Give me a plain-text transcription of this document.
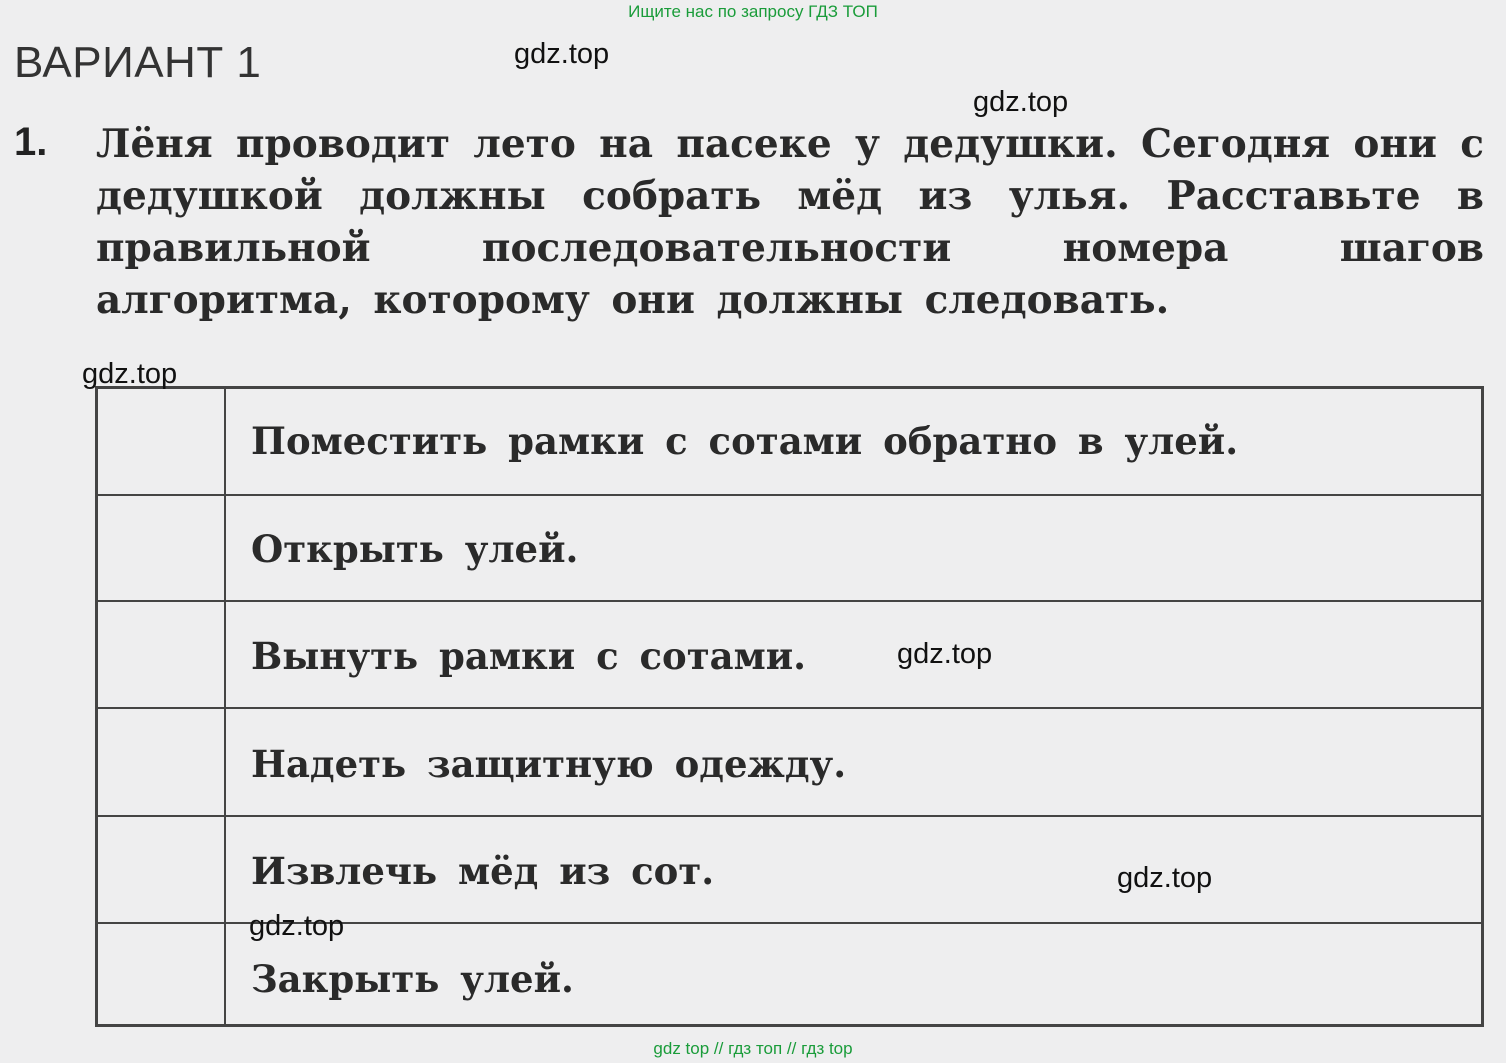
Ищите нас по запросу ГДЗ ТОП
ВАРИАНТ 1
1. Лёня проводит лето на пасеке у дедушки. Сегодня они с дедушкой должны собрать мёд из улья. Расставьте в правильной последовательности номера шагов алгоритма, которому они должны следовать.
Поместить рамки с сотами обратно в улей.
Открыть улей.
Вынуть рамки с сотами.
Надеть защитную одежду.
Извлечь мёд из сот.
Закрыть улей.
gdz.top
gdz.top
gdz.top
gdz.top
gdz.top
gdz.top
gdz top // гдз топ // гдз top
